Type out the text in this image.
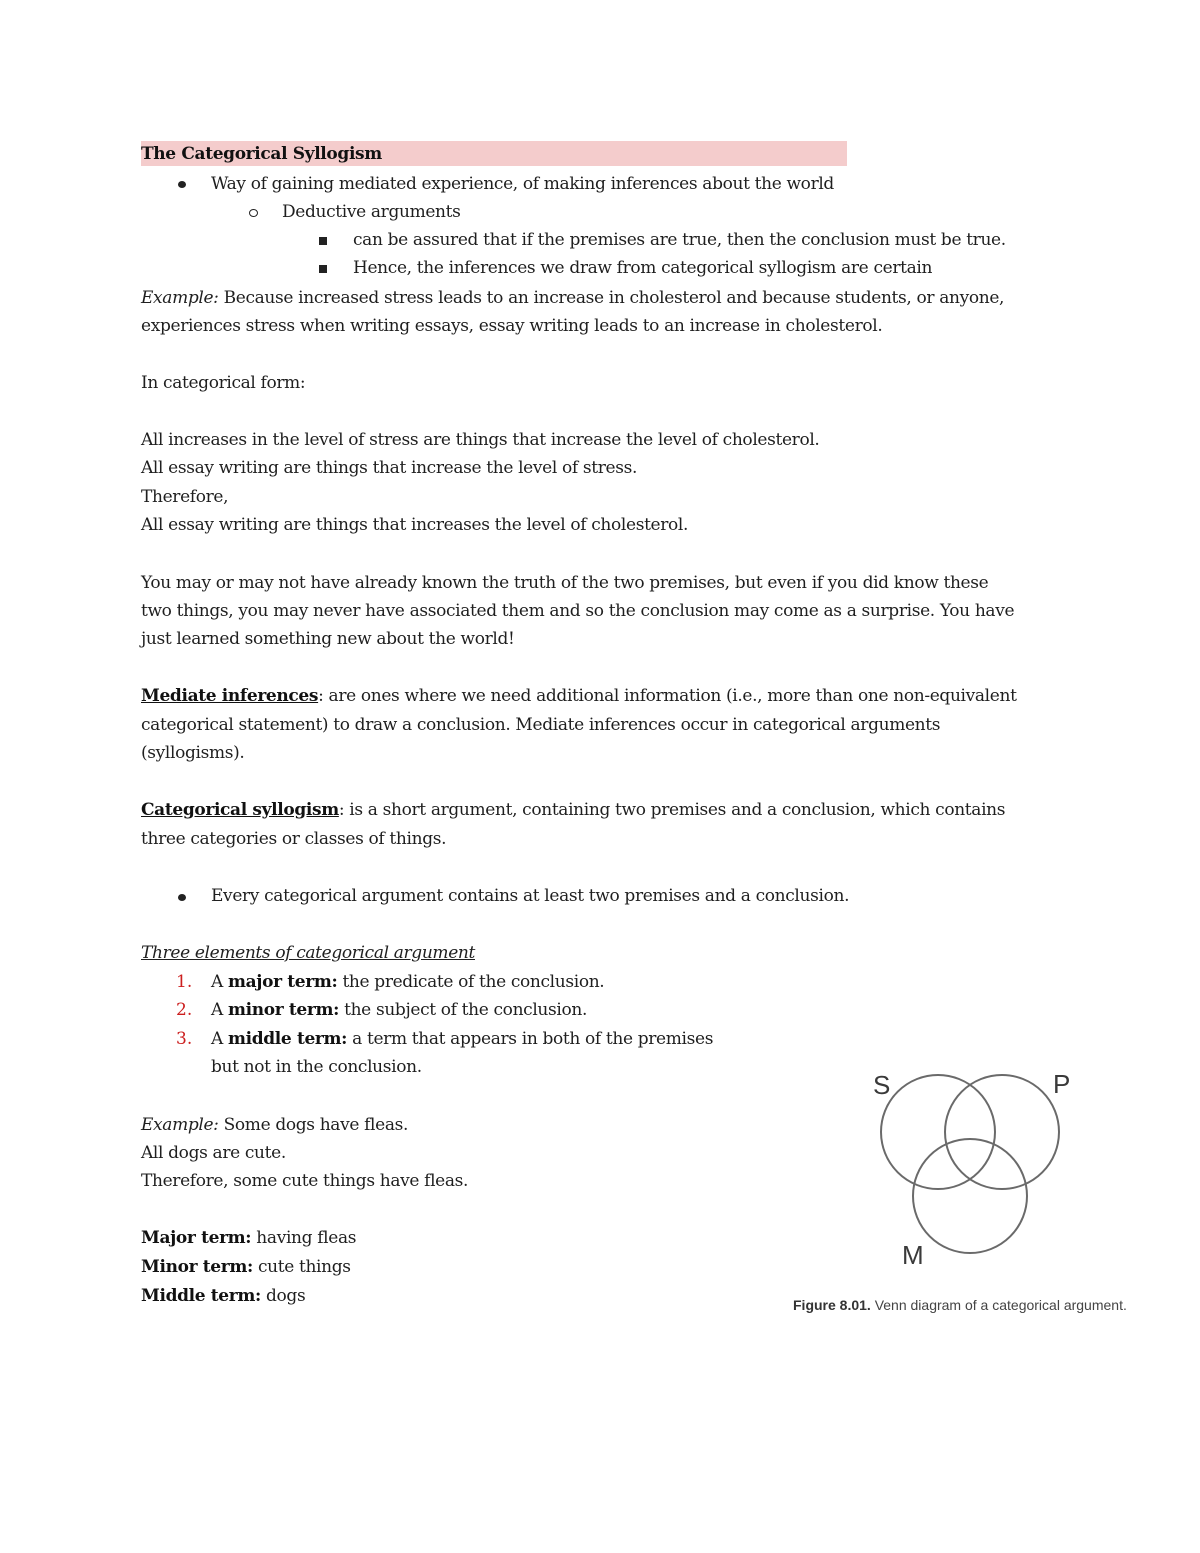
The Categorical Syllogism
Way of gaining mediated experience, of making inferences about the world
Deductive arguments
can be assured that if the premises are true, then the conclusion must be true.
Hence, the inferences we draw from categorical syllogism are certain
Example: Because increased stress leads to an increase in cholesterol and because students, or anyone,
experiences stress when writing essays, essay writing leads to an increase in cholesterol.
In categorical form:
All increases in the level of stress are things that increase the level of cholesterol.
All essay writing are things that increase the level of stress.
Therefore,
All essay writing are things that increases the level of cholesterol.
You may or may not have already known the truth of the two premises, but even if you did know these
two things, you may never have associated them and so the conclusion may come as a surprise. You have
just learned something new about the world!
Mediate inferences: are ones where we need additional information (i.e., more than one non-equivalent
categorical statement) to draw a conclusion. Mediate inferences occur in categorical arguments
(syllogisms).
Categorical syllogism: is a short argument, containing two premises and a conclusion, which contains
three categories or classes of things.
Every categorical argument contains at least two premises and a conclusion.
Three elements of categorical argument
1. A major term: the predicate of the conclusion.
2. A minor term: the subject of the conclusion.
3. A middle term: a term that appears in both of the premises
but not in the conclusion.
Example: Some dogs have fleas.
All dogs are cute.
Therefore, some cute things have fleas.
Major term: having fleas
Minor term: cute things
Middle term: dogs
S	P
M
Figure 8.01. Venn diagram of a categorical argument.
